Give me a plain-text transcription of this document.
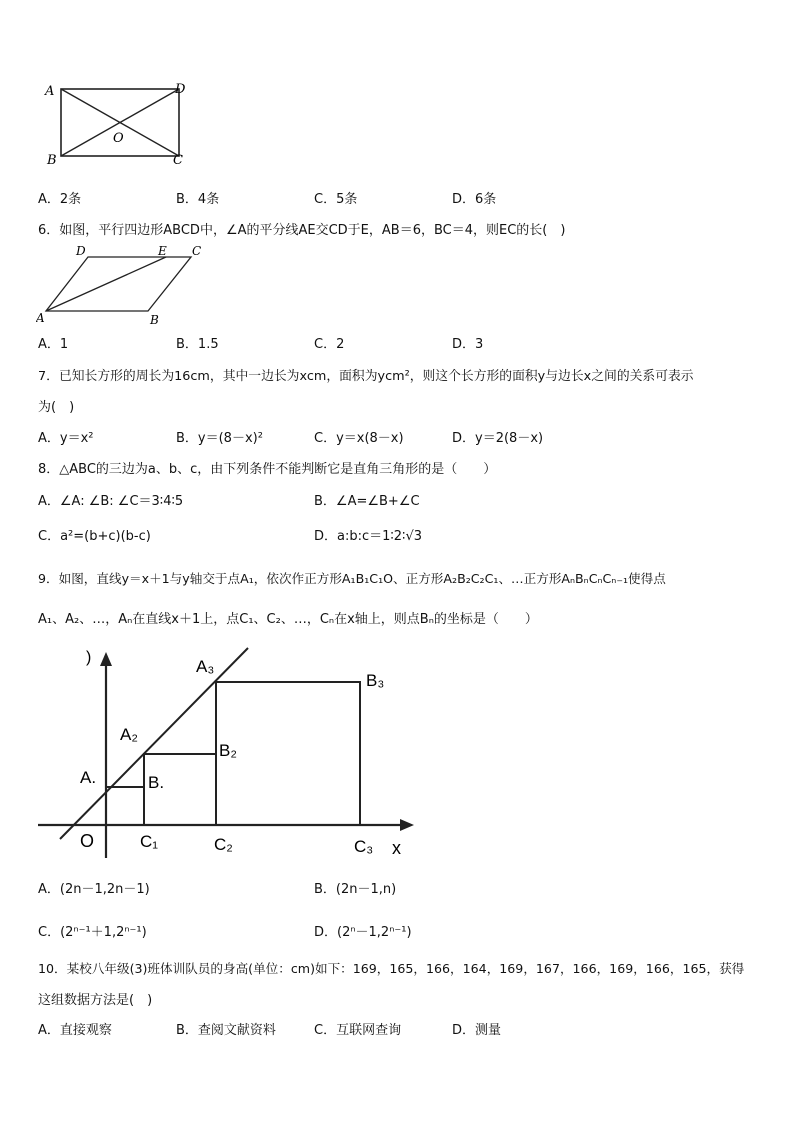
A	D
O
B	C
A．2条	B．4条	C．5条	D．6条
6．如图，平行四边形ABCD中，∠A的平分线AE交CD于E，AB＝6，BC＝4，则EC的长(　)
D	E C
A	B
A．1	B．1.5	C．2	D．3
7．已知长方形的周长为16cm，其中一边长为xcm，面积为ycm²，则这个长方形的面积y与边长x之间的关系可表示
为(　)
A．y＝x²	B．y＝(8－x)²	C．y＝x(8－x)	D．y＝2(8－x)
8．△ABC的三边为a、b、c，由下列条件不能判断它是直角三角形的是（　　）
A．∠A: ∠B: ∠C＝3∶4∶5	B．∠A=∠B+∠C
C．a²=(b+c)(b-c)	D．a:b:c＝1∶2∶√3
9．如图，直线y＝x＋1与y轴交于点A₁，依次作正方形A₁B₁C₁O、正方形A₂B₂C₂C₁、…正方形AₙBₙCₙCₙ₋₁使得点
A₁、A₂、…，Aₙ在直线x＋1上，点C₁、C₂、…，Cₙ在x轴上，则点Bₙ的坐标是（　　）
)	A₃
B₃
A₂
B₂
A.	B.
O	C₁	C₂	C₃ x
A．(2n－1,2n－1)	B．(2n－1,n)
C．(2ⁿ⁻¹＋1,2ⁿ⁻¹)	D．(2ⁿ－1,2ⁿ⁻¹)
10．某校八年级(3)班体训队员的身高(单位：cm)如下：169，165，166，164，169，167，166，169，166，165，获得
这组数据方法是(　)
A．直接观察	B．查阅文献资料	C．互联网查询	D．测量
